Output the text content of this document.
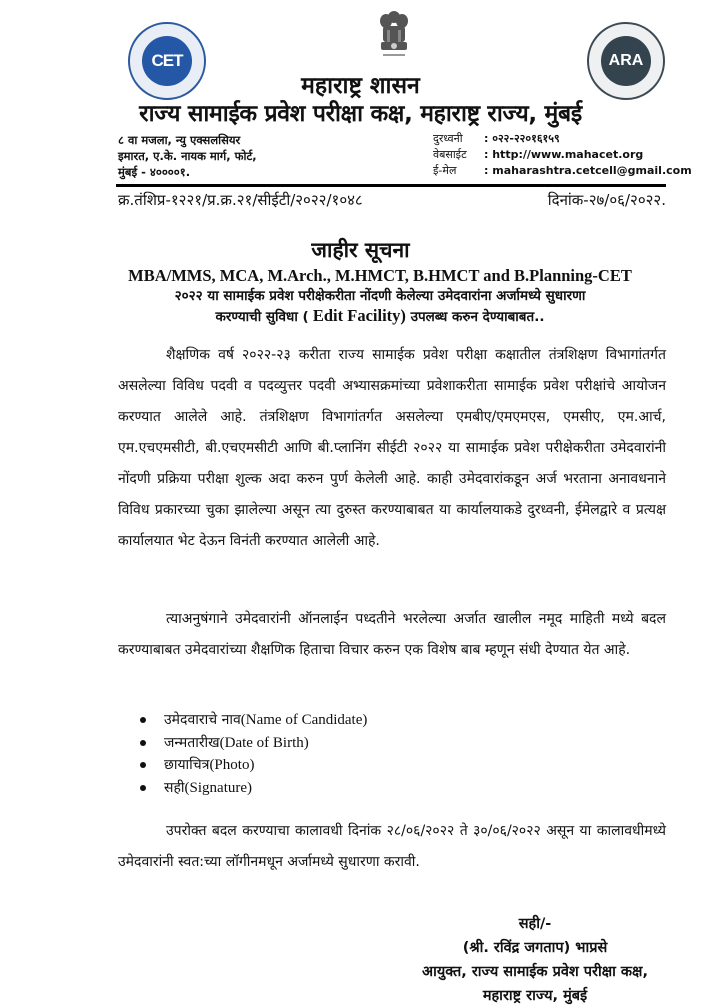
CET	ARA
महाराष्ट्र शासन
राज्य सामाईक प्रवेश परीक्षा कक्ष, महाराष्ट्र राज्य, मुंबई
८ वा मजला, न्यु एक्सलसियर
इमारत, ए.के. नायक मार्ग, फोर्ट,
मुंबई - ४००००१.
दुरध्वनी	: ०२२-२२०१६१५९
वेबसाईट	: http://www.mahacet.org
ई-मेल	: maharashtra.cetcell@gmail.com
क्र.तंशिप्र-१२२१/प्र.क्र.२१/सीईटी/२०२२/१०४८	दिनांक-२७/०६/२०२२.
जाहीर सूचना
MBA/MMS, MCA, M.Arch., M.HMCT, B.HMCT and B.Planning-CET
२०२२ या सामाईक प्रवेश परीक्षेकरीता नोंदणी केलेल्या उमेदवारांना अर्जामध्ये सुधारणा
करण्याची सुविधा ( Edit Facility) उपलब्ध करुन देण्याबाबत..
शैक्षणिक वर्ष २०२२-२३ करीता राज्य सामाईक प्रवेश परीक्षा कक्षातील तंत्रशिक्षण विभागांतर्गत असलेल्या विविध पदवी व पदव्युत्तर पदवी अभ्यासक्रमांच्या प्रवेशाकरीता सामाईक प्रवेश परीक्षांचे आयोजन करण्यात आलेले आहे. तंत्रशिक्षण विभागांतर्गत असलेल्या एमबीए/एमएमएस, एमसीए, एम.आर्च, एम.एचएमसीटी, बी.एचएमसीटी आणि बी.प्लानिंग सीईटी २०२२ या सामाईक प्रवेश परीक्षेकरीता उमेदवारांनी नोंदणी प्रक्रिया परीक्षा शुल्क अदा करुन पुर्ण केलेली आहे. काही उमेदवारांकडून अर्ज भरताना अनावधनाने विविध प्रकारच्या चुका झालेल्या असून त्या दुरुस्त करण्याबाबत या कार्यालयाकडे दुरध्वनी, ईमेलद्वारे व प्रत्यक्ष कार्यालयात भेट देऊन विनंती करण्यात आलेली आहे.
त्याअनुषंगाने उमेदवारांनी ऑनलाईन पध्दतीने भरलेल्या अर्जात खालील नमूद माहिती मध्ये बदल करण्याबाबत उमेदवारांच्या शैक्षणिक हिताचा विचार करुन एक विशेष बाब म्हणून संधी देण्यात येत आहे.
उमेदवाराचे नाव (Name of Candidate)
जन्मतारीख (Date of Birth)
छायाचित्र (Photo)
सही (Signature)
उपरोक्त बदल करण्याचा कालावधी दिनांक २८/०६/२०२२ ते ३०/०६/२०२२ असून या कालावधीमध्ये उमेदवारांनी स्वत:च्या लॉगीनमधून अर्जामध्ये सुधारणा करावी.
सही/-
(श्री. रविंद्र जगताप) भाप्रसे
आयुक्त, राज्य सामाईक प्रवेश परीक्षा कक्ष,
महाराष्ट्र राज्य, मुंबई
